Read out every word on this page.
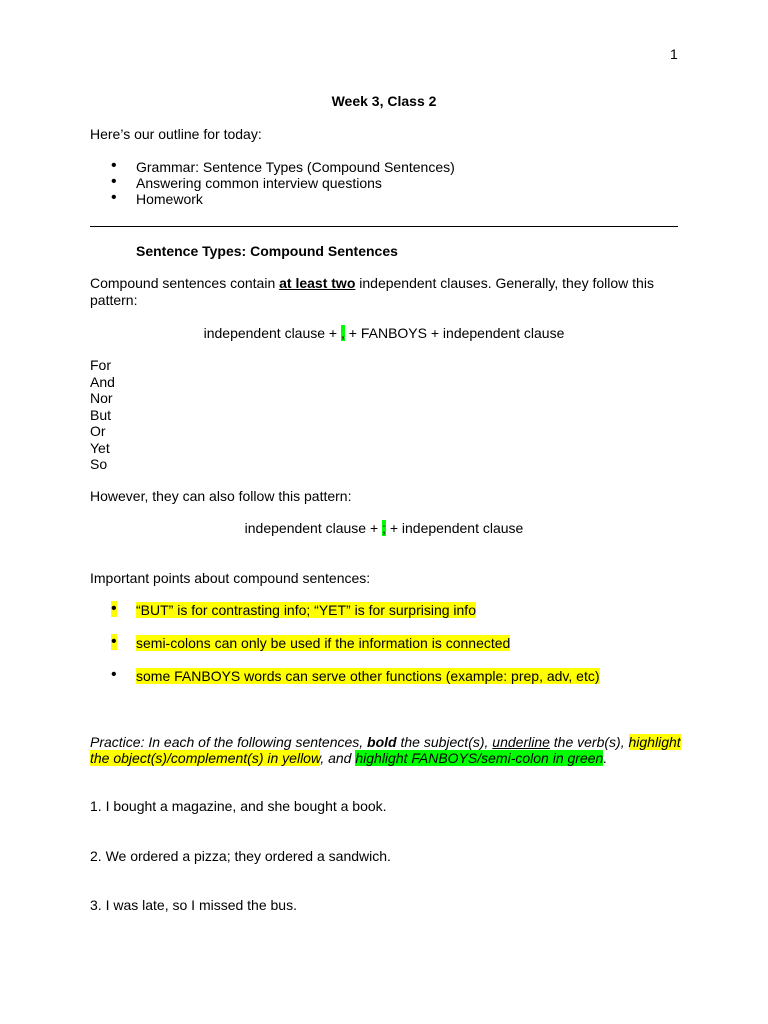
1
Week 3, Class 2
Here’s our outline for today:
• Grammar: Sentence Types (Compound Sentences)
• Answering common interview questions
• Homework
Sentence Types: Compound Sentences
Compound sentences contain at least two independent clauses. Generally, they follow this
pattern:
independent clause + , + FANBOYS + independent clause
For
And
Nor
But
Or
Yet
So
However, they can also follow this pattern:
independent clause + ; + independent clause
Important points about compound sentences:
• “BUT” is for contrasting info; “YET” is for surprising info
• semi-colons can only be used if the information is connected
• some FANBOYS words can serve other functions (example: prep, adv, etc)
Practice: In each of the following sentences, bold the subject(s), underline the verb(s), highlight
the object(s)/complement(s) in yellow, and highlight FANBOYS/semi-colon in green.
1. I bought a magazine, and she bought a book.
2. We ordered a pizza; they ordered a sandwich.
3. I was late, so I missed the bus.
